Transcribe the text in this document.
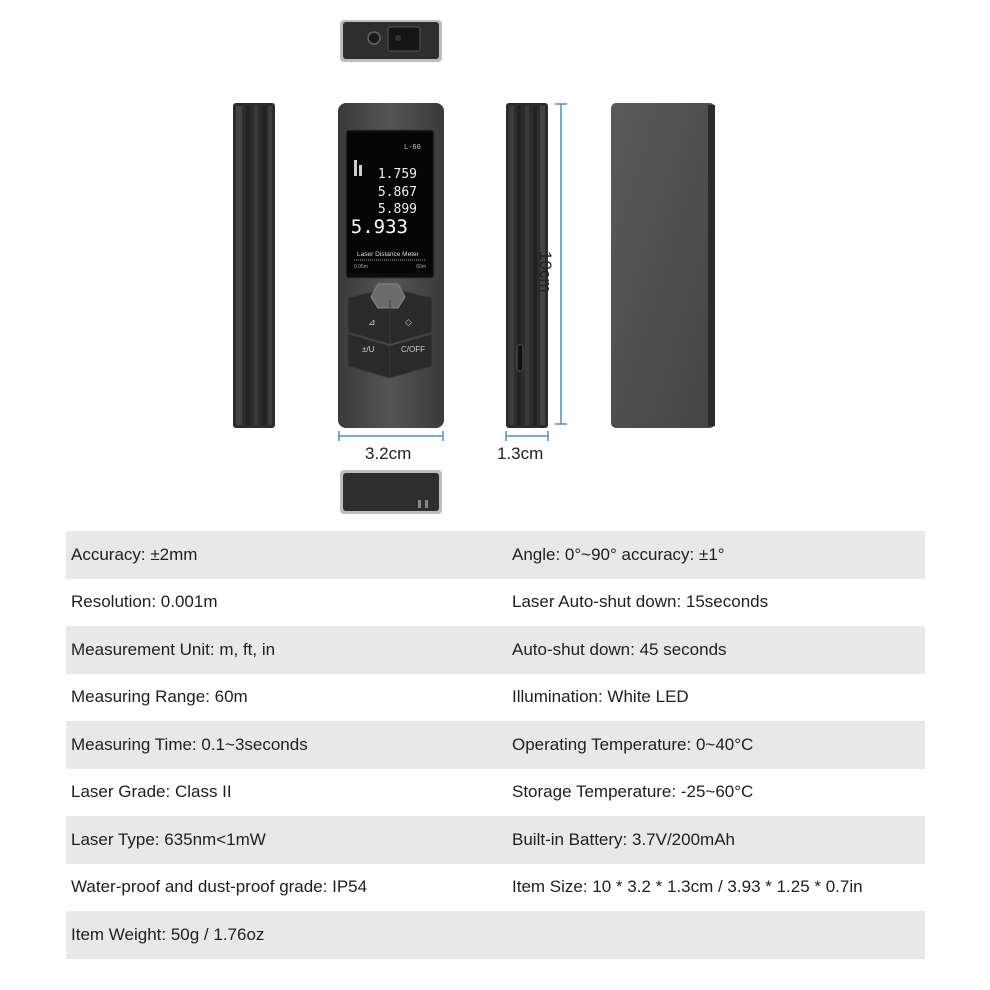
L-60
1.759
5.867
5.899
5.933
Laser Distance Meter
0.05m	60m
⊿	◇
±/U	C/OFF
10cm
3.2cm	1.3cm
Accuracy: ±2mm	Angle: 0°~90° accuracy: ±1°
Resolution: 0.001m	Laser Auto-shut down: 15seconds
Measurement Unit: m, ft, in	Auto-shut down: 45 seconds
Measuring Range: 60m	Illumination: White LED
Measuring Time: 0.1~3seconds	Operating Temperature: 0~40°C
Laser Grade: Class II	Storage Temperature: -25~60°C
Laser Type: 635nm<1mW	Built-in Battery: 3.7V/200mAh
Water-proof and dust-proof grade: IP54	Item Size: 10 * 3.2 * 1.3cm / 3.93 * 1.25 * 0.7in
Item Weight: 50g / 1.76oz
